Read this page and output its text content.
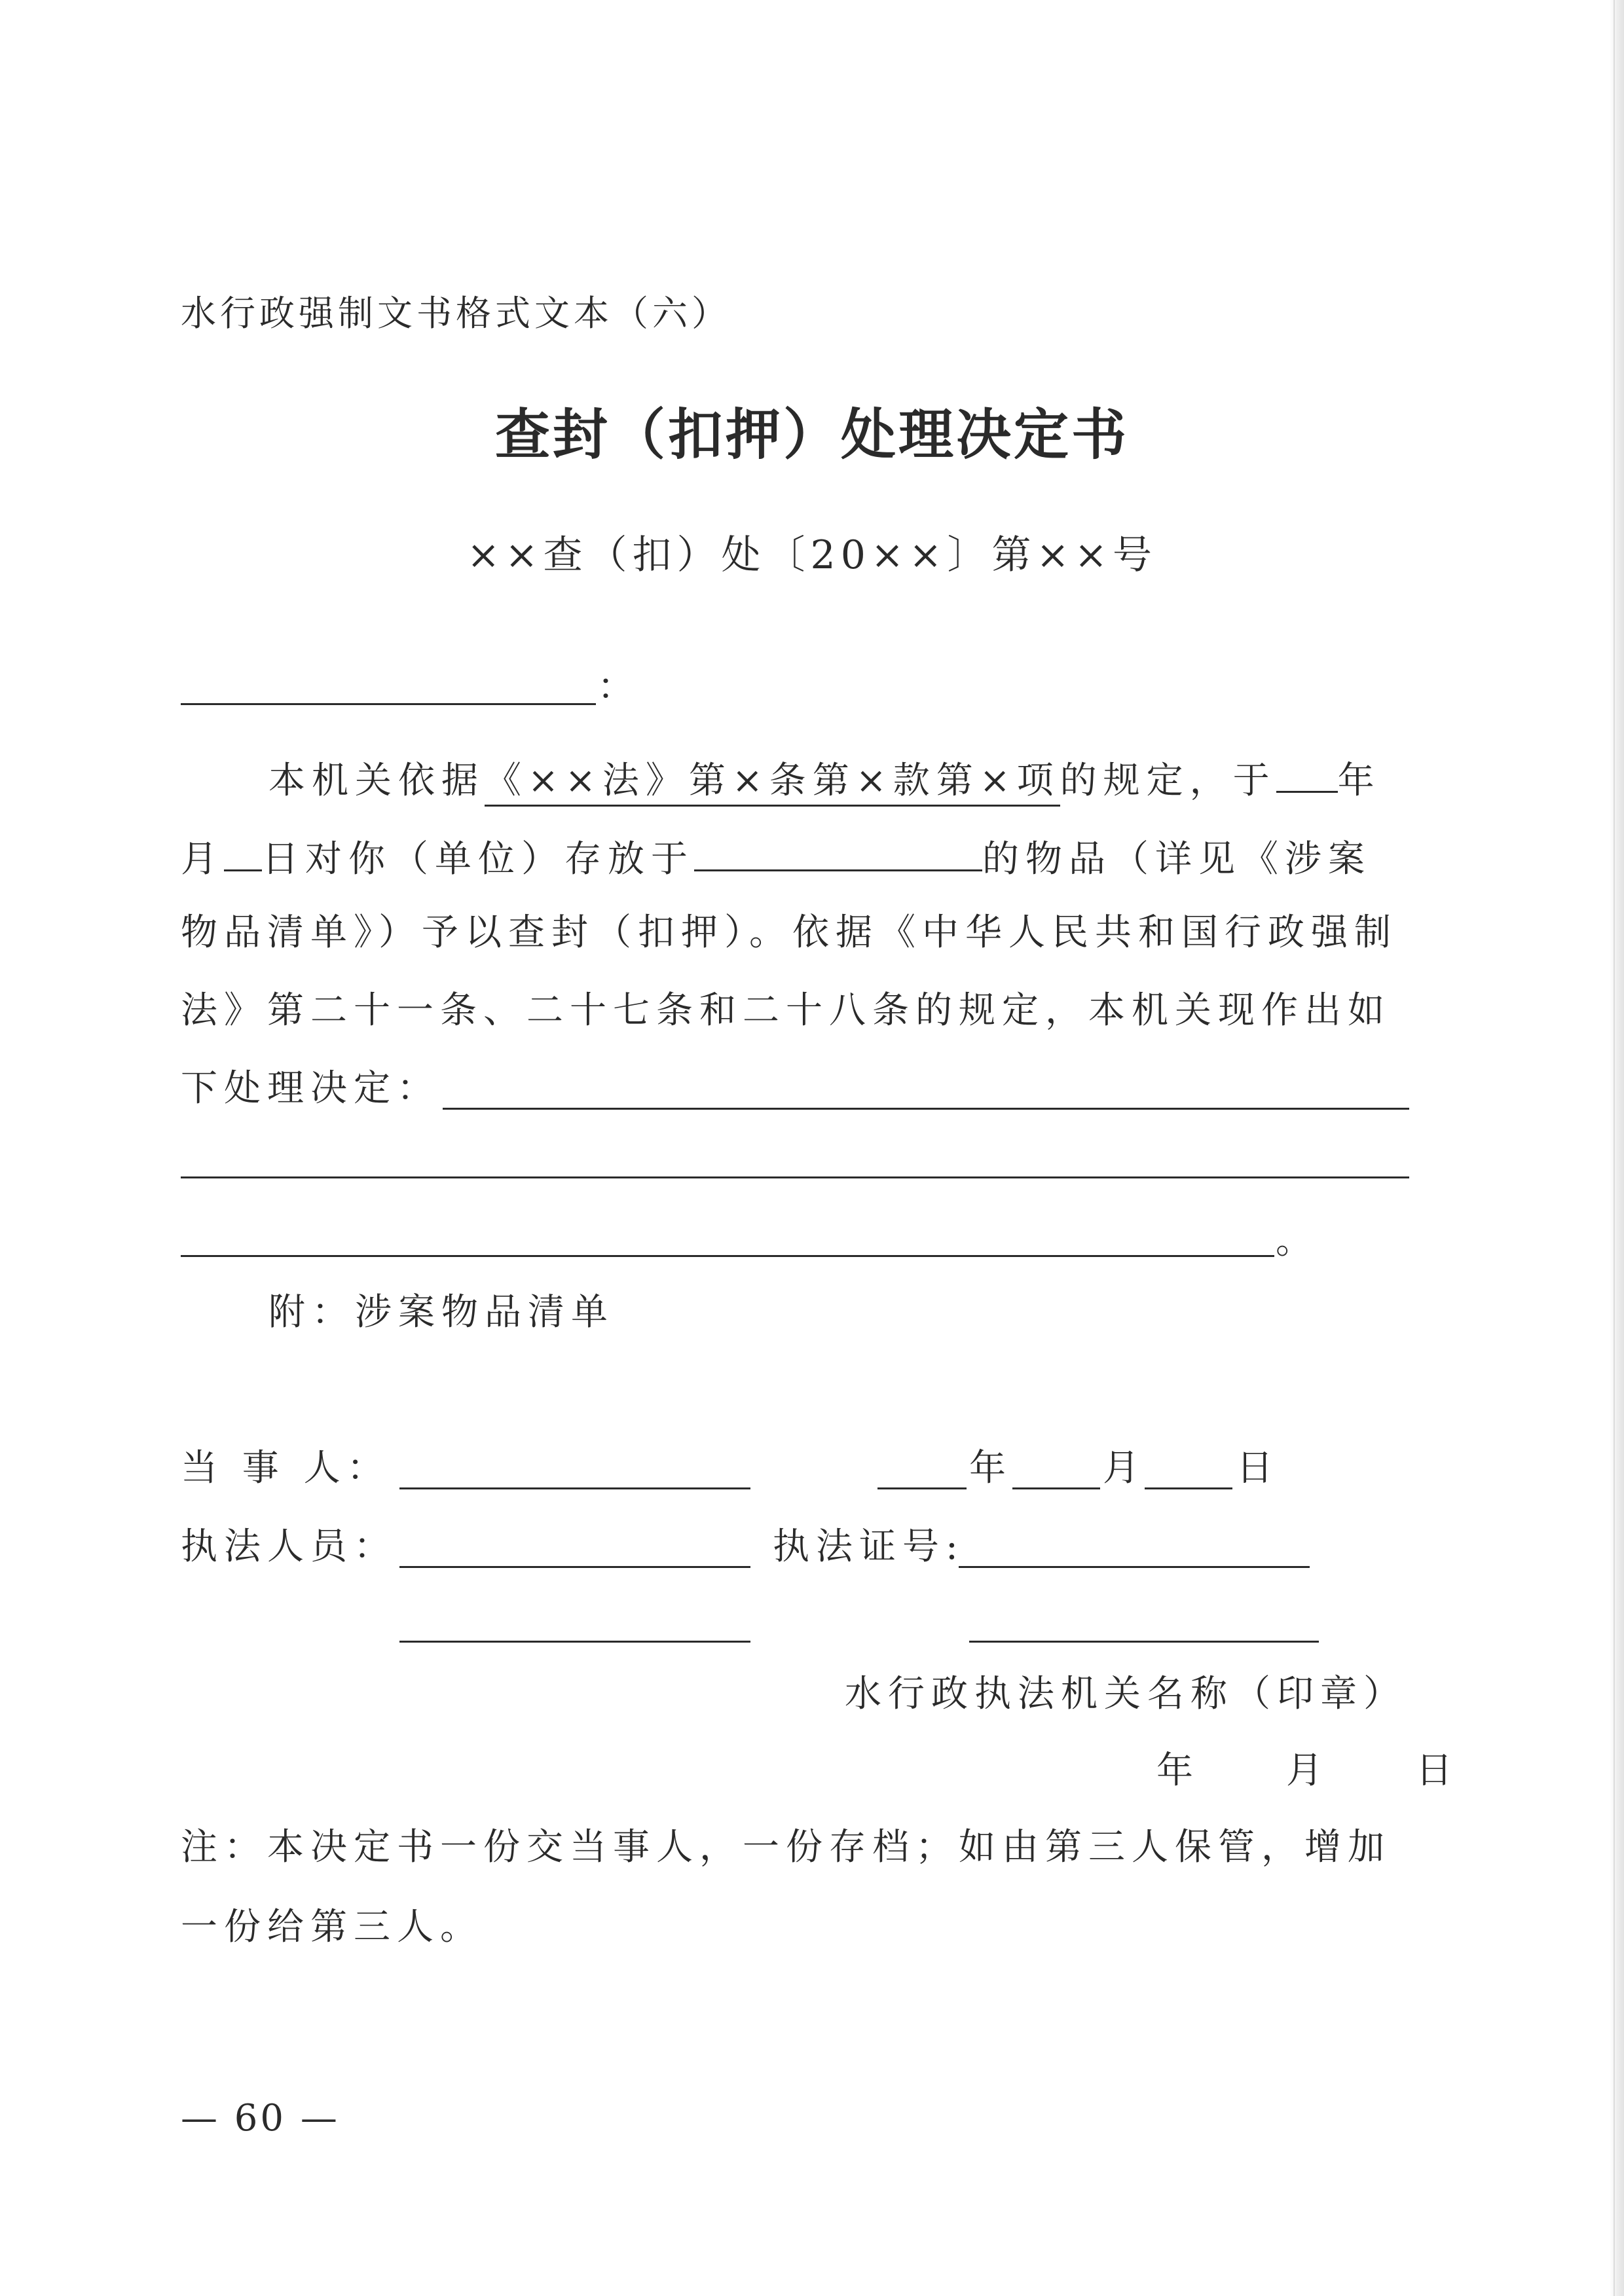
水行政强制文书格式文本（六）
查封（扣押）处理决定书
××查（扣）处〔20××〕第××号
：
本机关依据《××法》第×条第×款第×项的规定，于 年
月 日对你（单位）存放于	的物品（详见《涉案
物品清单》）予以查封（扣押）。依据《中华人民共和国行政强制
法》第二十一条、二十七条和二十八条的规定，本机关现作出如
下处理决定：
。
附：涉案物品清单
当 事 人：	年 月 日
执法人员：	执法证号:
水行政执法机关名称（印章）
年　　月　　日
注：本决定书一份交当事人，一份存档；如由第三人保管，增加
一份给第三人。
— 60 —
